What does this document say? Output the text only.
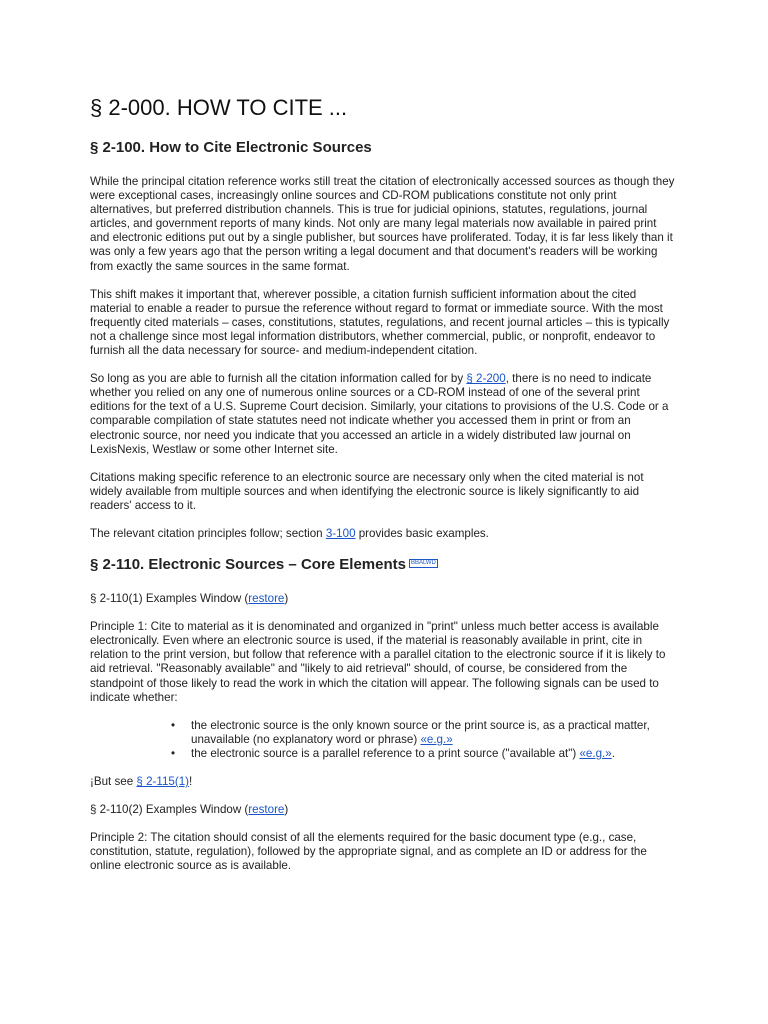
§ 2-000. HOW TO CITE ...
§ 2-100. How to Cite Electronic Sources

While the principal citation reference works still treat the citation of electronically accessed sources as though they were exceptional cases, increasingly online sources and CD-ROM publications constitute not only print alternatives, but preferred distribution channels. This is true for judicial opinions, statutes, regulations, journal articles, and government reports of many kinds. Not only are many legal materials now available in paired print and electronic editions put out by a single publisher, but sources have proliferated. Today, it is far less likely than it was only a few years ago that the person writing a legal document and that document's readers will be working from exactly the same sources in the same format.

This shift makes it important that, wherever possible, a citation furnish sufficient information about the cited material to enable a reader to pursue the reference without regard to format or immediate source. With the most frequently cited materials – cases, constitutions, statutes, regulations, and recent journal articles – this is typically not a challenge since most legal information distributors, whether commercial, public, or nonprofit, endeavor to furnish all the data necessary for source- and medium-independent citation.

So long as you are able to furnish all the citation information called for by § 2-200, there is no need to indicate whether you relied on any one of numerous online sources or a CD-ROM instead of one of the several print editions for the text of a U.S. Supreme Court decision. Similarly, your citations to provisions of the U.S. Code or a comparable compilation of state statutes need not indicate whether you accessed them in print or from an electronic source, nor need you indicate that you accessed an article in a widely distributed law journal on LexisNexis, Westlaw or some other Internet site.

Citations making specific reference to an electronic source are necessary only when the cited material is not widely available from multiple sources and when identifying the electronic source is likely significantly to aid readers' access to it.

The relevant citation principles follow; section 3-100 provides basic examples.

§ 2-110. Electronic Sources – Core Elements BBALWD

§ 2-110(1) Examples Window (restore)

Principle 1: Cite to material as it is denominated and organized in "print" unless much better access is available electronically. Even where an electronic source is used, if the material is reasonably available in print, cite in relation to the print version, but follow that reference with a parallel citation to the electronic source if it is likely to aid retrieval. "Reasonably available" and "likely to aid retrieval" should, of course, be considered from the standpoint of those likely to read the work in which the citation will appear. The following signals can be used to indicate whether:

• the electronic source is the only known source or the print source is, as a practical matter, unavailable (no explanatory word or phrase) «e.g.»
• the electronic source is a parallel reference to a print source ("available at") «e.g.».

¡But see § 2-115(1)!

§ 2-110(2) Examples Window (restore)

Principle 2: The citation should consist of all the elements required for the basic document type (e.g., case, constitution, statute, regulation), followed by the appropriate signal, and as complete an ID or address for the online electronic source as is available.
